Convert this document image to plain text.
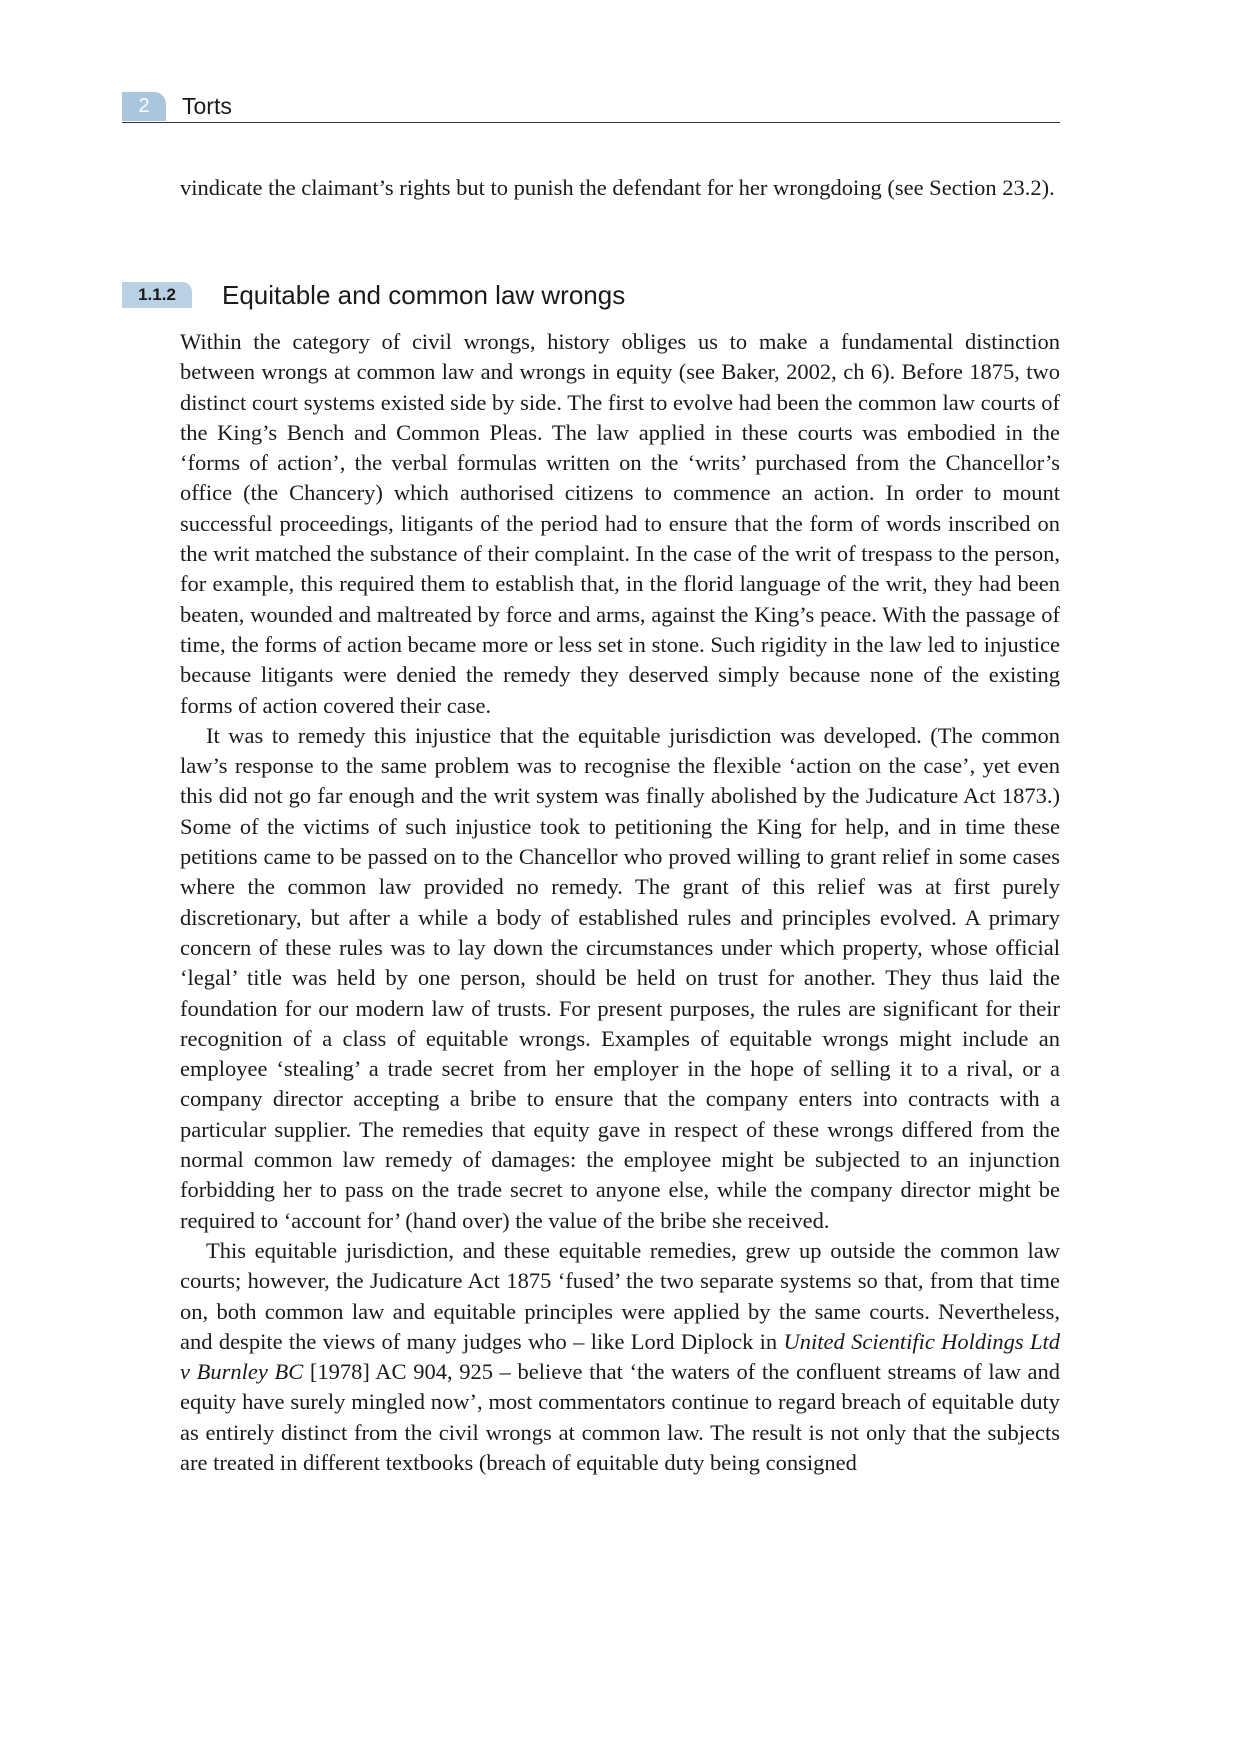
2	Torts

vindicate the claimant’s rights but to punish the defendant for her wrongdoing (see Section 23.2).

1.1.2	Equitable and common law wrongs

Within the category of civil wrongs, history obliges us to make a fundamental distinction between wrongs at common law and wrongs in equity (see Baker, 2002, ch 6). Before 1875, two distinct court systems existed side by side. The first to evolve had been the common law courts of the King’s Bench and Common Pleas. The law applied in these courts was embodied in the ‘forms of action’, the verbal formulas written on the ‘writs’ purchased from the Chancellor’s office (the Chancery) which authorised citizens to commence an action. In order to mount successful proceedings, litigants of the period had to ensure that the form of words inscribed on the writ matched the substance of their complaint. In the case of the writ of trespass to the person, for example, this required them to establish that, in the florid language of the writ, they had been beaten, wounded and maltreated by force and arms, against the King’s peace. With the passage of time, the forms of action became more or less set in stone. Such rigidity in the law led to injustice because litigants were denied the remedy they deserved simply because none of the existing forms of action covered their case.

It was to remedy this injustice that the equitable jurisdiction was developed. (The common law’s response to the same problem was to recognise the flexible ‘action on the case’, yet even this did not go far enough and the writ system was finally abolished by the Judicature Act 1873.) Some of the victims of such injustice took to petitioning the King for help, and in time these petitions came to be passed on to the Chancellor who proved willing to grant relief in some cases where the common law provided no remedy. The grant of this relief was at first purely discretionary, but after a while a body of established rules and principles evolved. A primary concern of these rules was to lay down the circumstances under which property, whose official ‘legal’ title was held by one person, should be held on trust for another. They thus laid the foundation for our modern law of trusts. For present purposes, the rules are significant for their recognition of a class of equitable wrongs. Examples of equitable wrongs might include an employee ‘stealing’ a trade secret from her employer in the hope of selling it to a rival, or a company director accepting a bribe to ensure that the company enters into contracts with a particular supplier. The remedies that equity gave in respect of these wrongs differed from the normal common law remedy of damages: the employee might be subjected to an injunction forbidding her to pass on the trade secret to anyone else, while the company director might be required to ‘account for’ (hand over) the value of the bribe she received.

This equitable jurisdiction, and these equitable remedies, grew up outside the common law courts; however, the Judicature Act 1875 ‘fused’ the two separate systems so that, from that time on, both common law and equitable principles were applied by the same courts. Nevertheless, and despite the views of many judges who – like Lord Diplock in United Scientific Holdings Ltd v Burnley BC [1978] AC 904, 925 – believe that ‘the waters of the confluent streams of law and equity have surely mingled now’, most commentators continue to regard breach of equitable duty as entirely distinct from the civil wrongs at common law. The result is not only that the subjects are treated in different textbooks (breach of equitable duty being consigned
